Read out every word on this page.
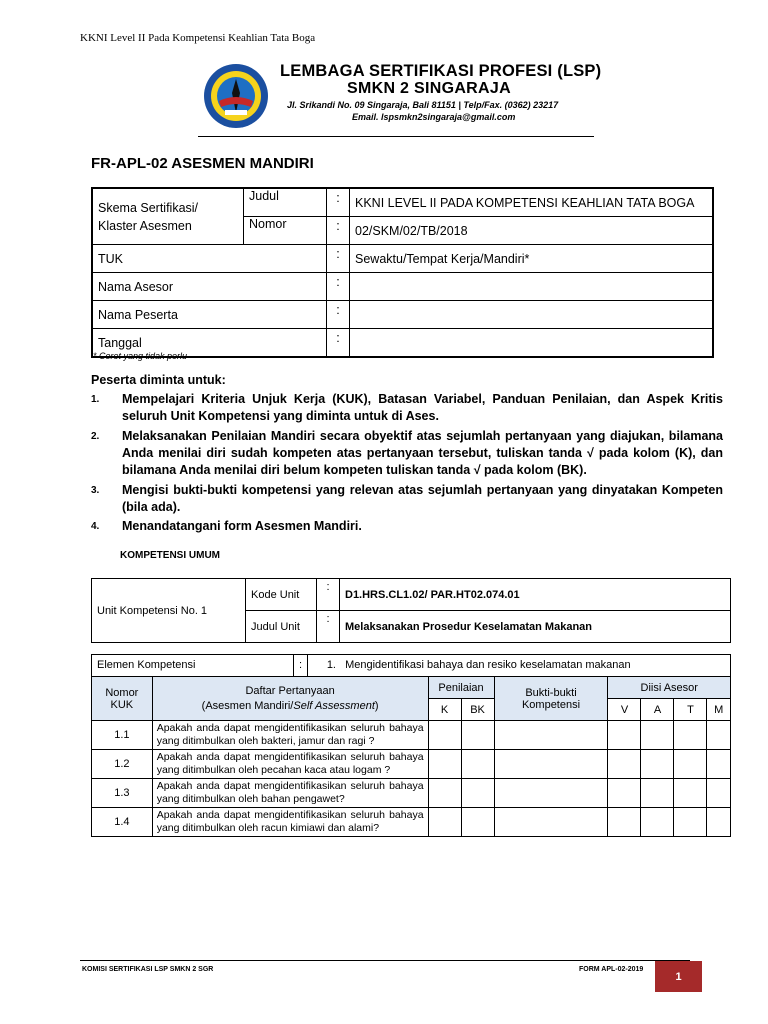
KKNI Level II Pada Kompetensi Keahlian Tata Boga
LEMBAGA SERTIFIKASI PROFESI (LSP)
SMKN 2 SINGARAJA
Jl. Srikandi No. 09 Singaraja, Bali 81151 | Telp/Fax. (0362) 23217
Email. lspsmkn2singaraja@gmail.com
FR-APL-02 ASESMEN MANDIRI
Skema Sertifikasi/ Klaster Asesmen	Judul	:	KKNI LEVEL II PADA KOMPETENSI KEAHLIAN TATA BOGA
	Nomor	:	02/SKM/02/TB/2018
TUK		:	Sewaktu/Tempat Kerja/Mandiri*
Nama Asesor		:	
Nama Peserta		:	
Tanggal		:	
* Coret yang tidak perlu
Peserta diminta untuk:
1. Mempelajari Kriteria Unjuk Kerja (KUK), Batasan Variabel, Panduan Penilaian, dan Aspek Kritis seluruh Unit Kompetensi yang diminta untuk di Ases.
2. Melaksanakan Penilaian Mandiri secara obyektif atas sejumlah pertanyaan yang diajukan, bilamana Anda menilai diri sudah kompeten atas pertanyaan tersebut, tuliskan tanda √ pada kolom (K), dan bilamana Anda menilai diri belum kompeten tuliskan tanda √ pada kolom (BK).
3. Mengisi bukti-bukti kompetensi yang relevan atas sejumlah pertanyaan yang dinyatakan Kompeten (bila ada).
4. Menandatangani form Asesmen Mandiri.
KOMPETENSI UMUM
Unit Kompetensi No. 1	Kode Unit	:	D1.HRS.CL1.02/ PAR.HT02.074.01
	Judul Unit	:	Melaksanakan Prosedur Keselamatan Makanan
Elemen Kompetensi : 1. Mengidentifikasi bahaya dan resiko keselamatan makanan								
Nomor KUK	Daftar Pertanyaan
(Asesmen Mandiri/Self Assessment)	Penilaian		Bukti-bukti Kompetensi	Diisi Asesor			
		K	BK		V	A	T	M
1.1	Apakah anda dapat mengidentifikasikan seluruh bahaya yang ditimbulkan oleh bakteri, jamur dan ragi ?							
1.2	Apakah anda dapat mengidentifikasikan seluruh bahaya yang ditimbulkan oleh pecahan kaca atau logam ?							
1.3	Apakah anda dapat mengidentifikasikan seluruh bahaya yang ditimbulkan oleh bahan pengawet?							
1.4	Apakah anda dapat mengidentifikasikan seluruh bahaya yang ditimbulkan oleh racun kimiawi dan alami?							
KOMISI SERTIFIKASI LSP SMKN 2 SGR	FORM APL-02-2019
1
